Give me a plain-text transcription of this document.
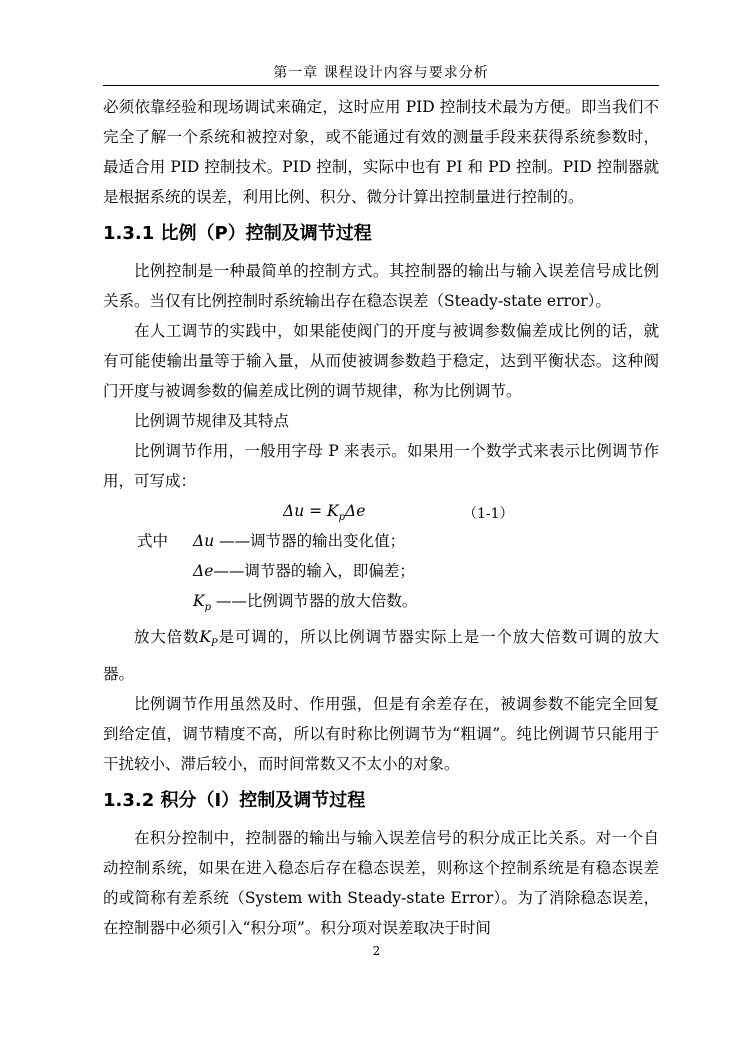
第一章 课程设计内容与要求分析

必须依靠经验和现场调试来确定，这时应用 PID 控制技术最为方便。即当我们不完全了解一个系统和被控对象，或不能通过有效的测量手段来获得系统参数时，最适合用 PID 控制技术。PID 控制，实际中也有 PI 和 PD 控制。PID 控制器就是根据系统的误差，利用比例、积分、微分计算出控制量进行控制的。

1.3.1 比例（P）控制及调节过程

比例控制是一种最简单的控制方式。其控制器的输出与输入误差信号成比例关系。当仅有比例控制时系统输出存在稳态误差（Steady-state error）。

在人工调节的实践中，如果能使阀门的开度与被调参数偏差成比例的话，就有可能使输出量等于输入量，从而使被调参数趋于稳定，达到平衡状态。这种阀门开度与被调参数的偏差成比例的调节规律，称为比例调节。

比例调节规律及其特点

比例调节作用，一般用字母 P 来表示。如果用一个数学式来表示比例调节作用，可写成：

$\Delta u = K_p\Delta e$	（1-1）
式中 Δu ——调节器的输出变化值；
Δe——调节器的输入，即偏差；
$K_p$ ——比例调节器的放大倍数。

放大倍数$K_P$是可调的，所以比例调节器实际上是一个放大倍数可调的放大器。

比例调节作用虽然及时、作用强，但是有余差存在，被调参数不能完全回复到给定值，调节精度不高，所以有时称比例调节为“粗调”。纯比例调节只能用于干扰较小、滞后较小，而时间常数又不太小的对象。

1.3.2 积分（I）控制及调节过程

在积分控制中，控制器的输出与输入误差信号的积分成正比关系。对一个自动控制系统，如果在进入稳态后存在稳态误差，则称这个控制系统是有稳态误差的或简称有差系统（System with Steady-state Error）。为了消除稳态误差，在控制器中必须引入“积分项”。积分项对误差取决于时间

2
